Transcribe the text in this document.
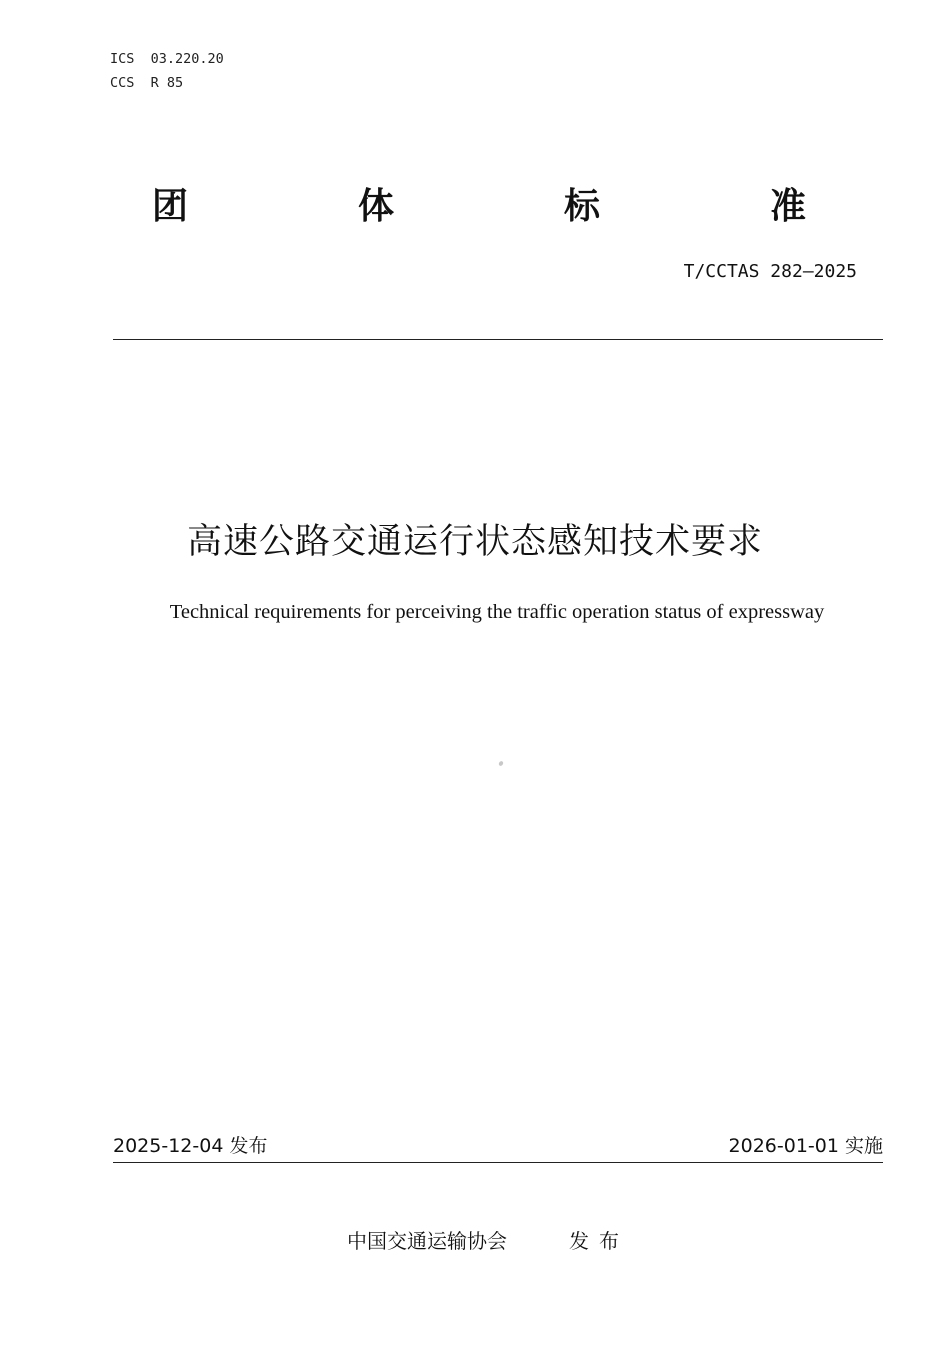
ICS  03.220.20
CCS  R 85
团	体	标	准
T/CCTAS 282—2025
高速公路交通运行状态感知技术要求
Technical requirements for perceiving the traffic operation status of expressway
2025-12-04 发布	2026-01-01 实施
中国交通运输协会	发布
